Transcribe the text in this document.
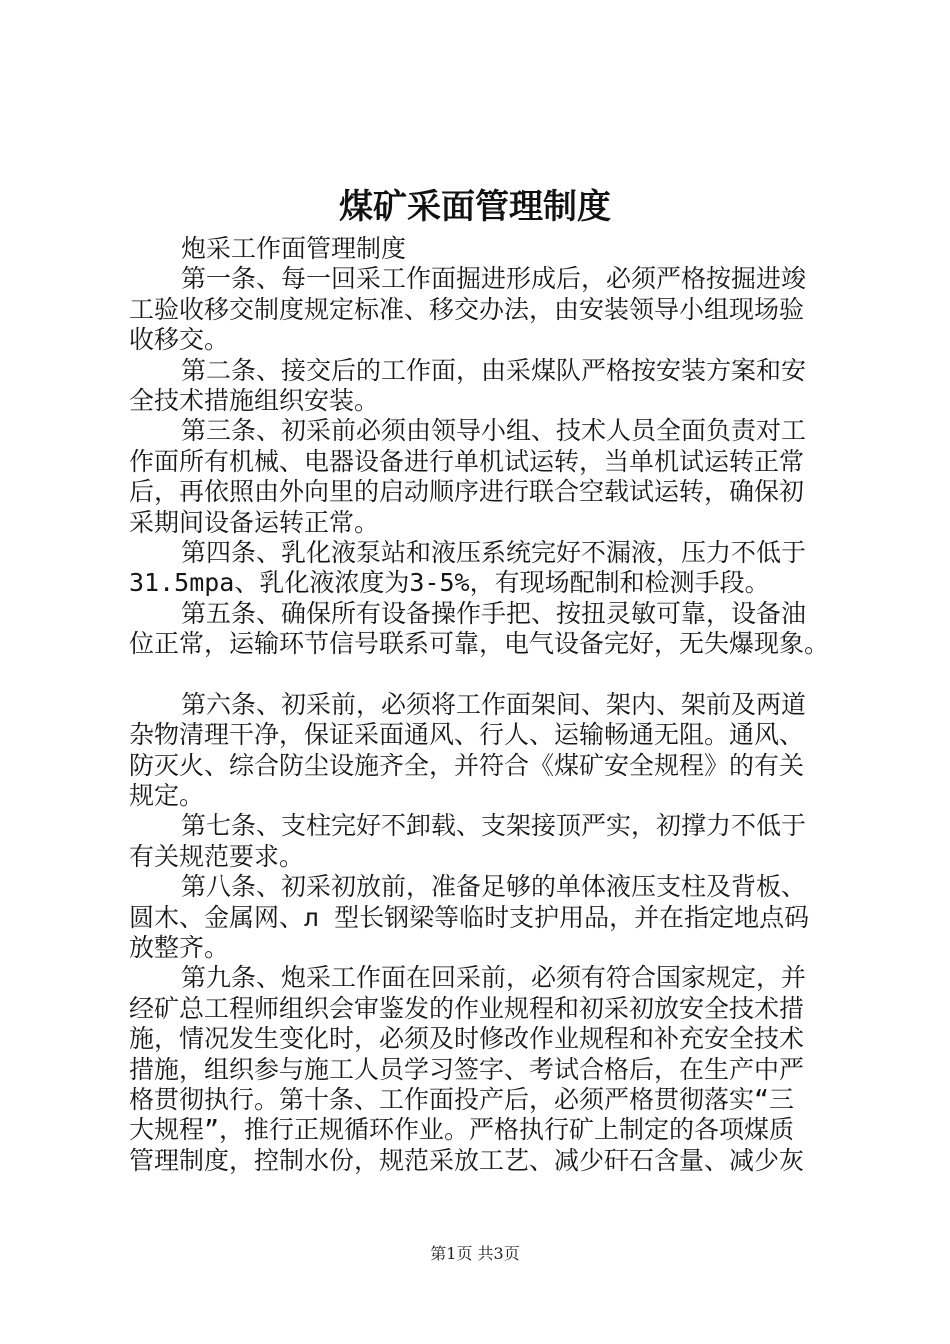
煤矿采面管理制度
炮采工作面管理制度
第一条、每一回采工作面掘进形成后，必须严格按掘进竣
工验收移交制度规定标准、移交办法，由安装领导小组现场验
收移交。
第二条、接交后的工作面，由采煤队严格按安装方案和安
全技术措施组织安装。
第三条、初采前必须由领导小组、技术人员全面负责对工
作面所有机械、电器设备进行单机试运转，当单机试运转正常
后，再依照由外向里的启动顺序进行联合空载试运转，确保初
采期间设备运转正常。
第四条、乳化液泵站和液压系统完好不漏液，压力不低于
31.5mpa、乳化液浓度为3-5%，有现场配制和检测手段。
第五条、确保所有设备操作手把、按扭灵敏可靠，设备油
位正常，运输环节信号联系可靠，电气设备完好，无失爆现象。
第六条、初采前，必须将工作面架间、架内、架前及两道
杂物清理干净，保证采面通风、行人、运输畅通无阻。通风、
防灭火、综合防尘设施齐全，并符合《煤矿安全规程》的有关
规定。
第七条、支柱完好不卸载、支架接顶严实，初撑力不低于
有关规范要求。
第八条、初采初放前，准备足够的单体液压支柱及背板、
圆木、金属网、л 型长钢梁等临时支护用品，并在指定地点码
放整齐。
第九条、炮采工作面在回采前，必须有符合国家规定，并
经矿总工程师组织会审鉴发的作业规程和初采初放安全技术措
施，情况发生变化时，必须及时修改作业规程和补充安全技术
措施，组织参与施工人员学习签字、考试合格后，在生产中严
格贯彻执行。第十条、工作面投产后，必须严格贯彻落实“三
大规程”，推行正规循环作业。严格执行矿上制定的各项煤质
管理制度，控制水份，规范采放工艺、减少矸石含量、减少灰
第1页 共3页
